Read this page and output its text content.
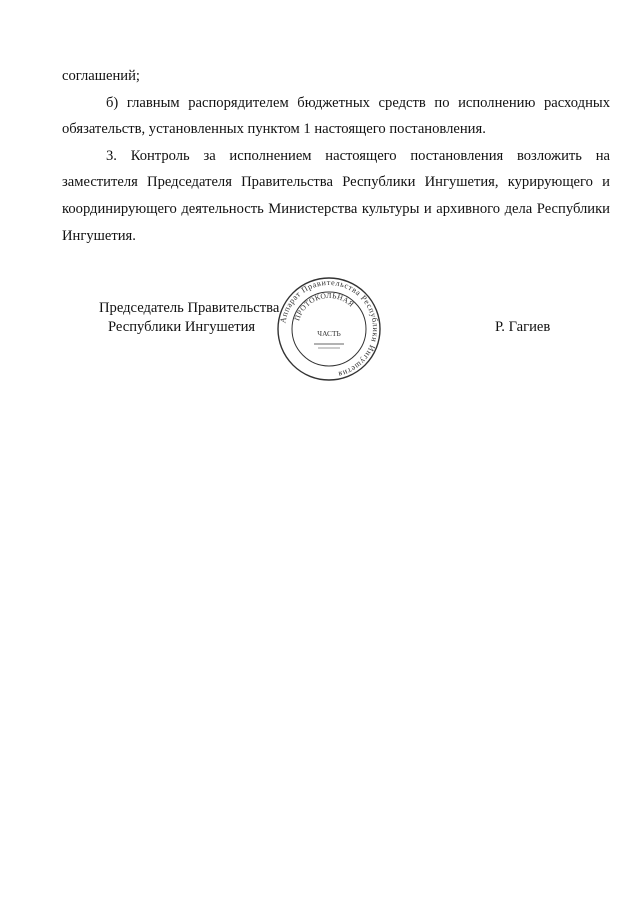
соглашений;

б) главным распорядителем бюджетных средств по исполнению расходных обязательств, установленных пунктом 1 настоящего постановления.

3. Контроль за исполнением настоящего постановления возложить на заместителя Председателя Правительства Республики Ингушетия, курирующего и координирующего деятельность Министерства культуры и архивного дела Республики Ингушетия.

Председатель Правительства
Республики Ингушетия	Р. Гагиев
Аппарат Правительства Республики Ингушетия
ПРОТОКОЛЬНАЯ
ЧАСТЬ
